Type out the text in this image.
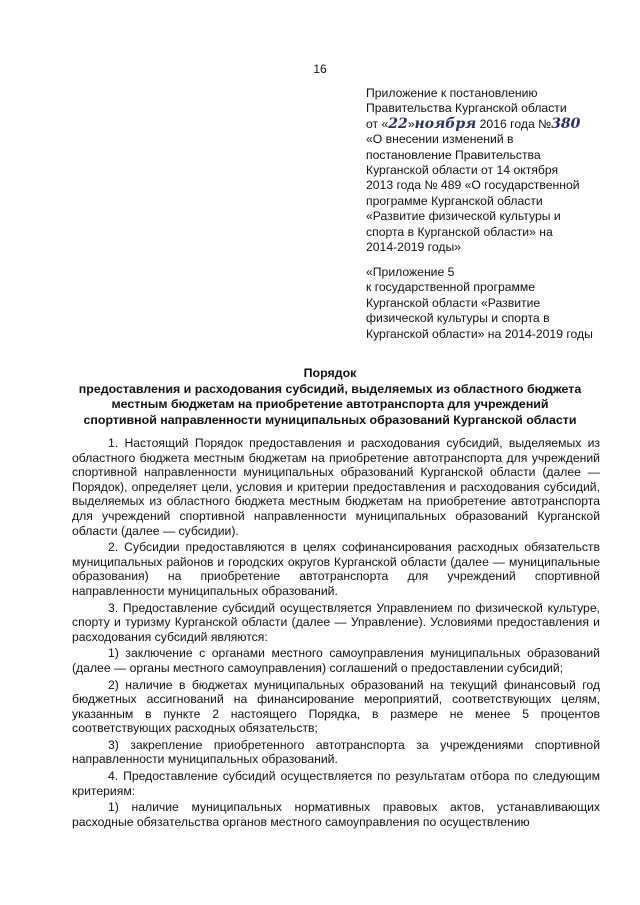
16

Приложение к постановлению

Правительства Курганской области

от «22»ноября 2016 года №380

«О внесении изменений в

постановление Правительства

Курганской области от 14 октября

2013 года № 489 «О государственной

программе Курганской области

«Развитие физической культуры и

спорта в Курганской области» на

2014-2019 годы»

«Приложение 5

к государственной программе

Курганской области «Развитие

физической культуры и спорта в

Курганской области» на 2014-2019 годы

Порядок

предоставления и расходования субсидий, выделяемых из областного бюджета

местным бюджетам на приобретение автотранспорта для учреждений

спортивной направленности муниципальных образований Курганской области

1. Настоящий Порядок предоставления и расходования субсидий, выделяемых из областного бюджета местным бюджетам на приобретение автотранспорта для учреждений спортивной направленности муниципальных образований Курганской области (далее — Порядок), определяет цели, условия и критерии предоставления и расходования субсидий, выделяемых из областного бюджета местным бюджетам на приобретение автотранспорта для учреждений спортивной направленности муниципальных образований Курганской области (далее — субсидии).

2. Субсидии предоставляются в целях софинансирования расходных обязательств муниципальных районов и городских округов Курганской области (далее — муниципальные образования) на приобретение автотранспорта для учреждений спортивной направленности муниципальных образований.

3. Предоставление субсидий осуществляется Управлением по физической культуре, спорту и туризму Курганской области (далее — Управление). Условиями предоставления и расходования субсидий являются:

1) заключение с органами местного самоуправления муниципальных образований (далее — органы местного самоуправления) соглашений о предоставлении субсидий;

2) наличие в бюджетах муниципальных образований на текущий финансовый год бюджетных ассигнований на финансирование мероприятий, соответствующих целям, указанным в пункте 2 настоящего Порядка, в размере не менее 5 процентов соответствующих расходных обязательств;

3) закрепление приобретенного автотранспорта за учреждениями спортивной направленности муниципальных образований.

4. Предоставление субсидий осуществляется по результатам отбора по следующим критериям:

1) наличие муниципальных нормативных правовых актов, устанавливающих расходные обязательства органов местного самоуправления по осуществлению
